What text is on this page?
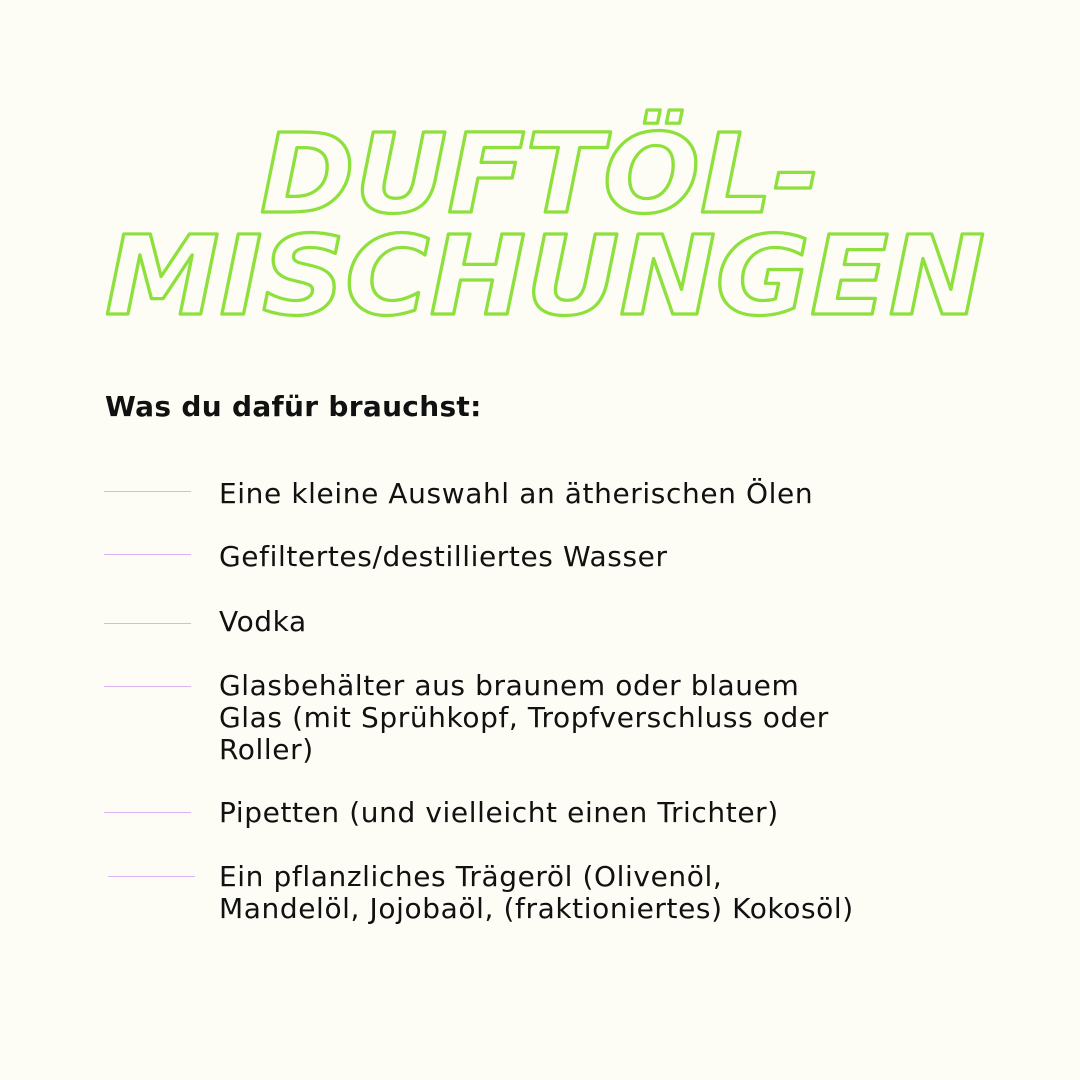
DUFTÖL-
MISCHUNGEN
Was du dafür brauchst:
Eine kleine Auswahl an ätherischen Ölen
Gefiltertes/destilliertes Wasser
Vodka
Glasbehälter aus braunem oder blauem Glas (mit Sprühkopf, Tropfverschluss oder Roller)
Pipetten (und vielleicht einen Trichter)
Ein pflanzliches Trägeröl (Olivenöl, Mandelöl, Jojobaöl, (fraktioniertes) Kokosöl)
